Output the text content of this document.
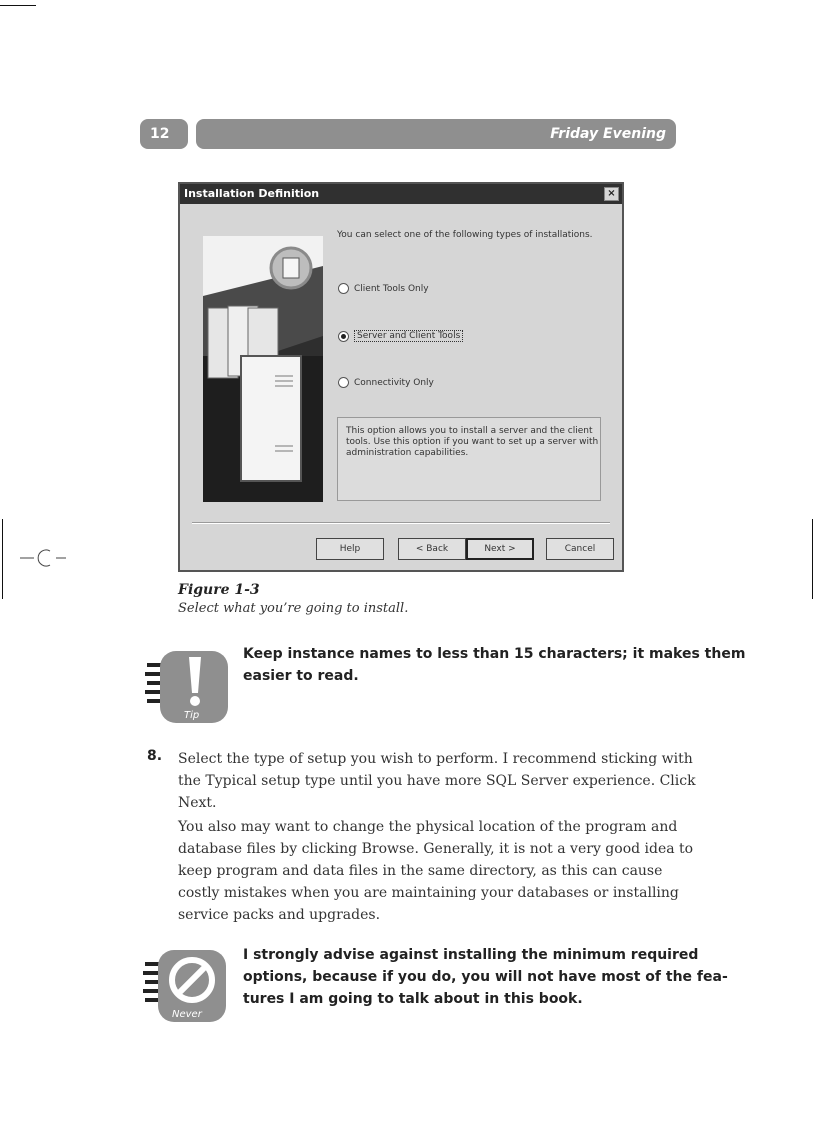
12	Friday Evening
Installation Definition	×
You can select one of the following types of installations.
Client Tools Only
Server and Client Tools
Connectivity Only
This option allows you to install a server and the client
tools. Use this option if you want to set up a server with
administration capabilities.
Help	< Back	Next >	Cancel
Figure 1-3
Select what you’re going to install.
Tip
Keep instance names to less than 15 characters; it makes them
easier to read.
8. Select the type of setup you wish to perform. I recommend sticking with
the Typical setup type until you have more SQL Server experience. Click
Next.
You also may want to change the physical location of the program and
database files by clicking Browse. Generally, it is not a very good idea to
keep program and data files in the same directory, as this can cause
costly mistakes when you are maintaining your databases or installing
service packs and upgrades.
Never
I strongly advise against installing the minimum required
options, because if you do, you will not have most of the fea-
tures I am going to talk about in this book.
